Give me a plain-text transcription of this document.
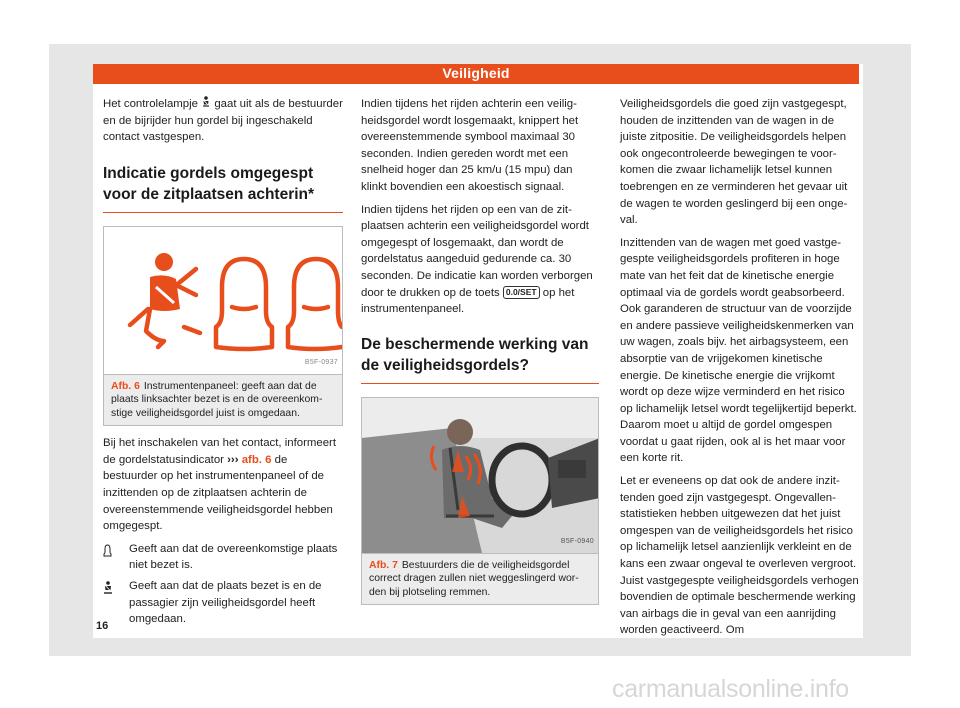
Veiligheid

Het controlelampje gaat uit als de bestuurder en de bijrijder hun gordel bij ingeschakeld contact vastgespen.

Indicatie gordels omgegespt voor de zitplaatsen achterin*
B5F-0937
Afb. 6 Instrumentenpaneel: geeft aan dat de plaats linksachter bezet is en de overeenkomstige veiligheidsgordel juist is omgedaan.

Bij het inschakelen van het contact, informeert de gordelstatusindicator ››› afb. 6 de bestuurder op het instrumentenpaneel of de inzittenden op de zitplaatsen achterin de overeenstemmende veiligheidsgordel hebben omgegespt.

Geeft aan dat de overeenkomstige plaats niet bezet is.
Geeft aan dat de plaats bezet is en de passagier zijn veiligheidsgordel heeft omgedaan.

Indien tijdens het rijden achterin een veiligheidsgordel wordt losgemaakt, knippert het overeenstemmende symbool maximaal 30 seconden. Indien gereden wordt met een snelheid hoger dan 25 km/u (15 mpu) dan klinkt bovendien een akoestisch signaal.

Indien tijdens het rijden op een van de zitplaatsen achterin een veiligheidsgordel wordt omgegespt of losgemaakt, dan wordt de gordelstatus aangeduid gedurende ca. 30 seconden. De indicatie kan worden verborgen door te drukken op de toets 0.0/SET op het instrumentenpaneel.

De beschermende werking van de veiligheidsgordels?
B5F-0940
Afb. 7 Bestuurders die de veiligheidsgordel correct dragen zullen niet weggeslingerd worden bij plotseling remmen.

Veiligheidsgordels die goed zijn vastgegespt, houden de inzittenden van de wagen in de juiste zitpositie. De veiligheidsgordels helpen ook ongecontroleerde bewegingen te voorkomen die zwaar lichamelijk letsel kunnen toebrengen en ze verminderen het gevaar uit de wagen te worden geslingerd bij een ongeval.

Inzittenden van de wagen met goed vastgegespte veiligheidsgordels profiteren in hoge mate van het feit dat de kinetische energie optimaal via de gordels wordt geabsorbeerd. Ook garanderen de structuur van de voorzijde en andere passieve veiligheidskenmerken van uw wagen, zoals bijv. het airbagsysteem, een absorptie van de vrijgekomen kinetische energie. De kinetische energie die vrijkomt wordt op deze wijze verminderd en het risico op lichamelijk letsel wordt tegelijkertijd beperkt. Daarom moet u altijd de gordel omgespen voordat u gaat rijden, ook al is het maar voor een korte rit.

Let er eveneens op dat ook de andere inzittenden goed zijn vastgegespt. Ongevallenstatistieken hebben uitgewezen dat het juist omgespen van de veiligheidsgordels het risico op lichamelijk letsel aanzienlijk verkleint en de kans een zwaar ongeval te overleven vergroot. Juist vastgegespte veiligheidsgordels verhogen bovendien de optimale beschermende werking van airbags die in geval van een aanrijding worden geactiveerd. Om

16
carmanualsonline.info
